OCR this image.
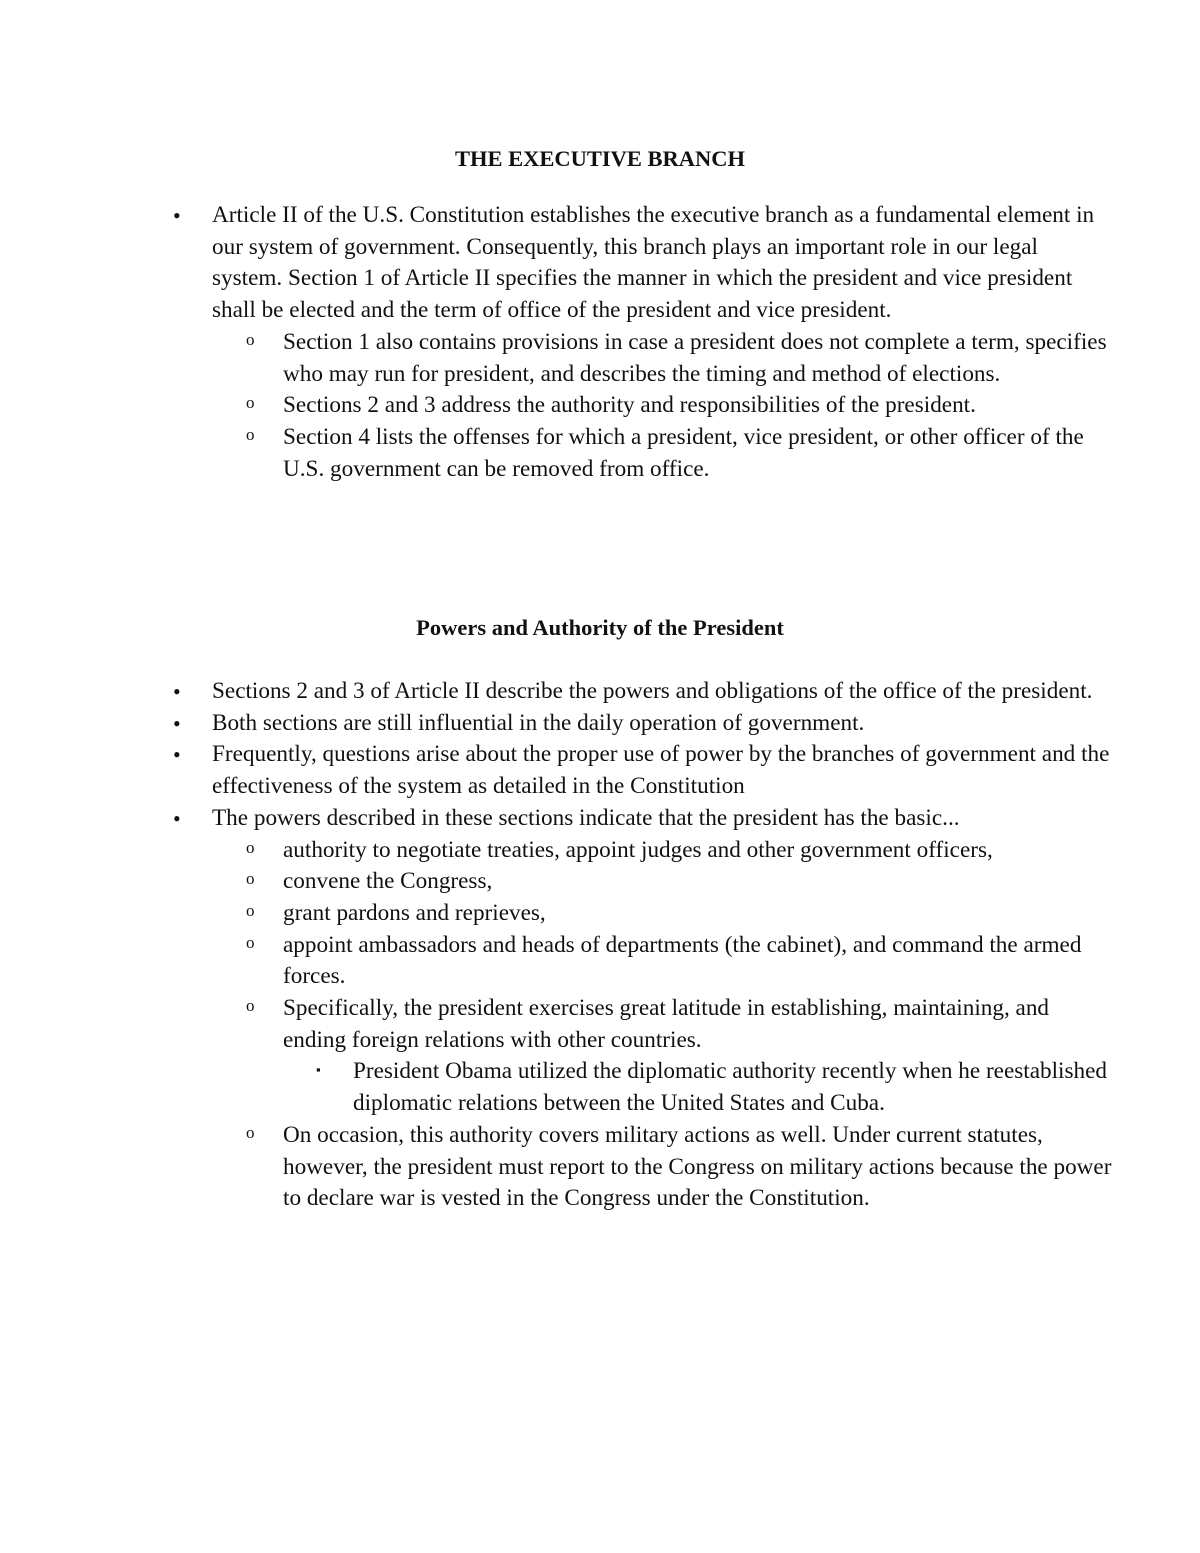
THE EXECUTIVE BRANCH
• Article II of the U.S. Constitution establishes the executive branch as a fundamental element in our system of government. Consequently, this branch plays an important role in our legal system. Section 1 of Article II specifies the manner in which the president and vice president shall be elected and the term of office of the president and vice president.
o Section 1 also contains provisions in case a president does not complete a term, specifies who may run for president, and describes the timing and method of elections.
o Sections 2 and 3 address the authority and responsibilities of the president.
o Section 4 lists the offenses for which a president, vice president, or other officer of the U.S. government can be removed from office.
Powers and Authority of the President
• Sections 2 and 3 of Article II describe the powers and obligations of the office of the president.
• Both sections are still influential in the daily operation of government.
• Frequently, questions arise about the proper use of power by the branches of government and the effectiveness of the system as detailed in the Constitution
• The powers described in these sections indicate that the president has the basic...
o authority to negotiate treaties, appoint judges and other government officers,
o convene the Congress,
o grant pardons and reprieves,
o appoint ambassadors and heads of departments (the cabinet), and command the armed forces.
o Specifically, the president exercises great latitude in establishing, maintaining, and ending foreign relations with other countries.
▪ President Obama utilized the diplomatic authority recently when he reestablished diplomatic relations between the United States and Cuba.
o On occasion, this authority covers military actions as well. Under current statutes, however, the president must report to the Congress on military actions because the power to declare war is vested in the Congress under the Constitution.
